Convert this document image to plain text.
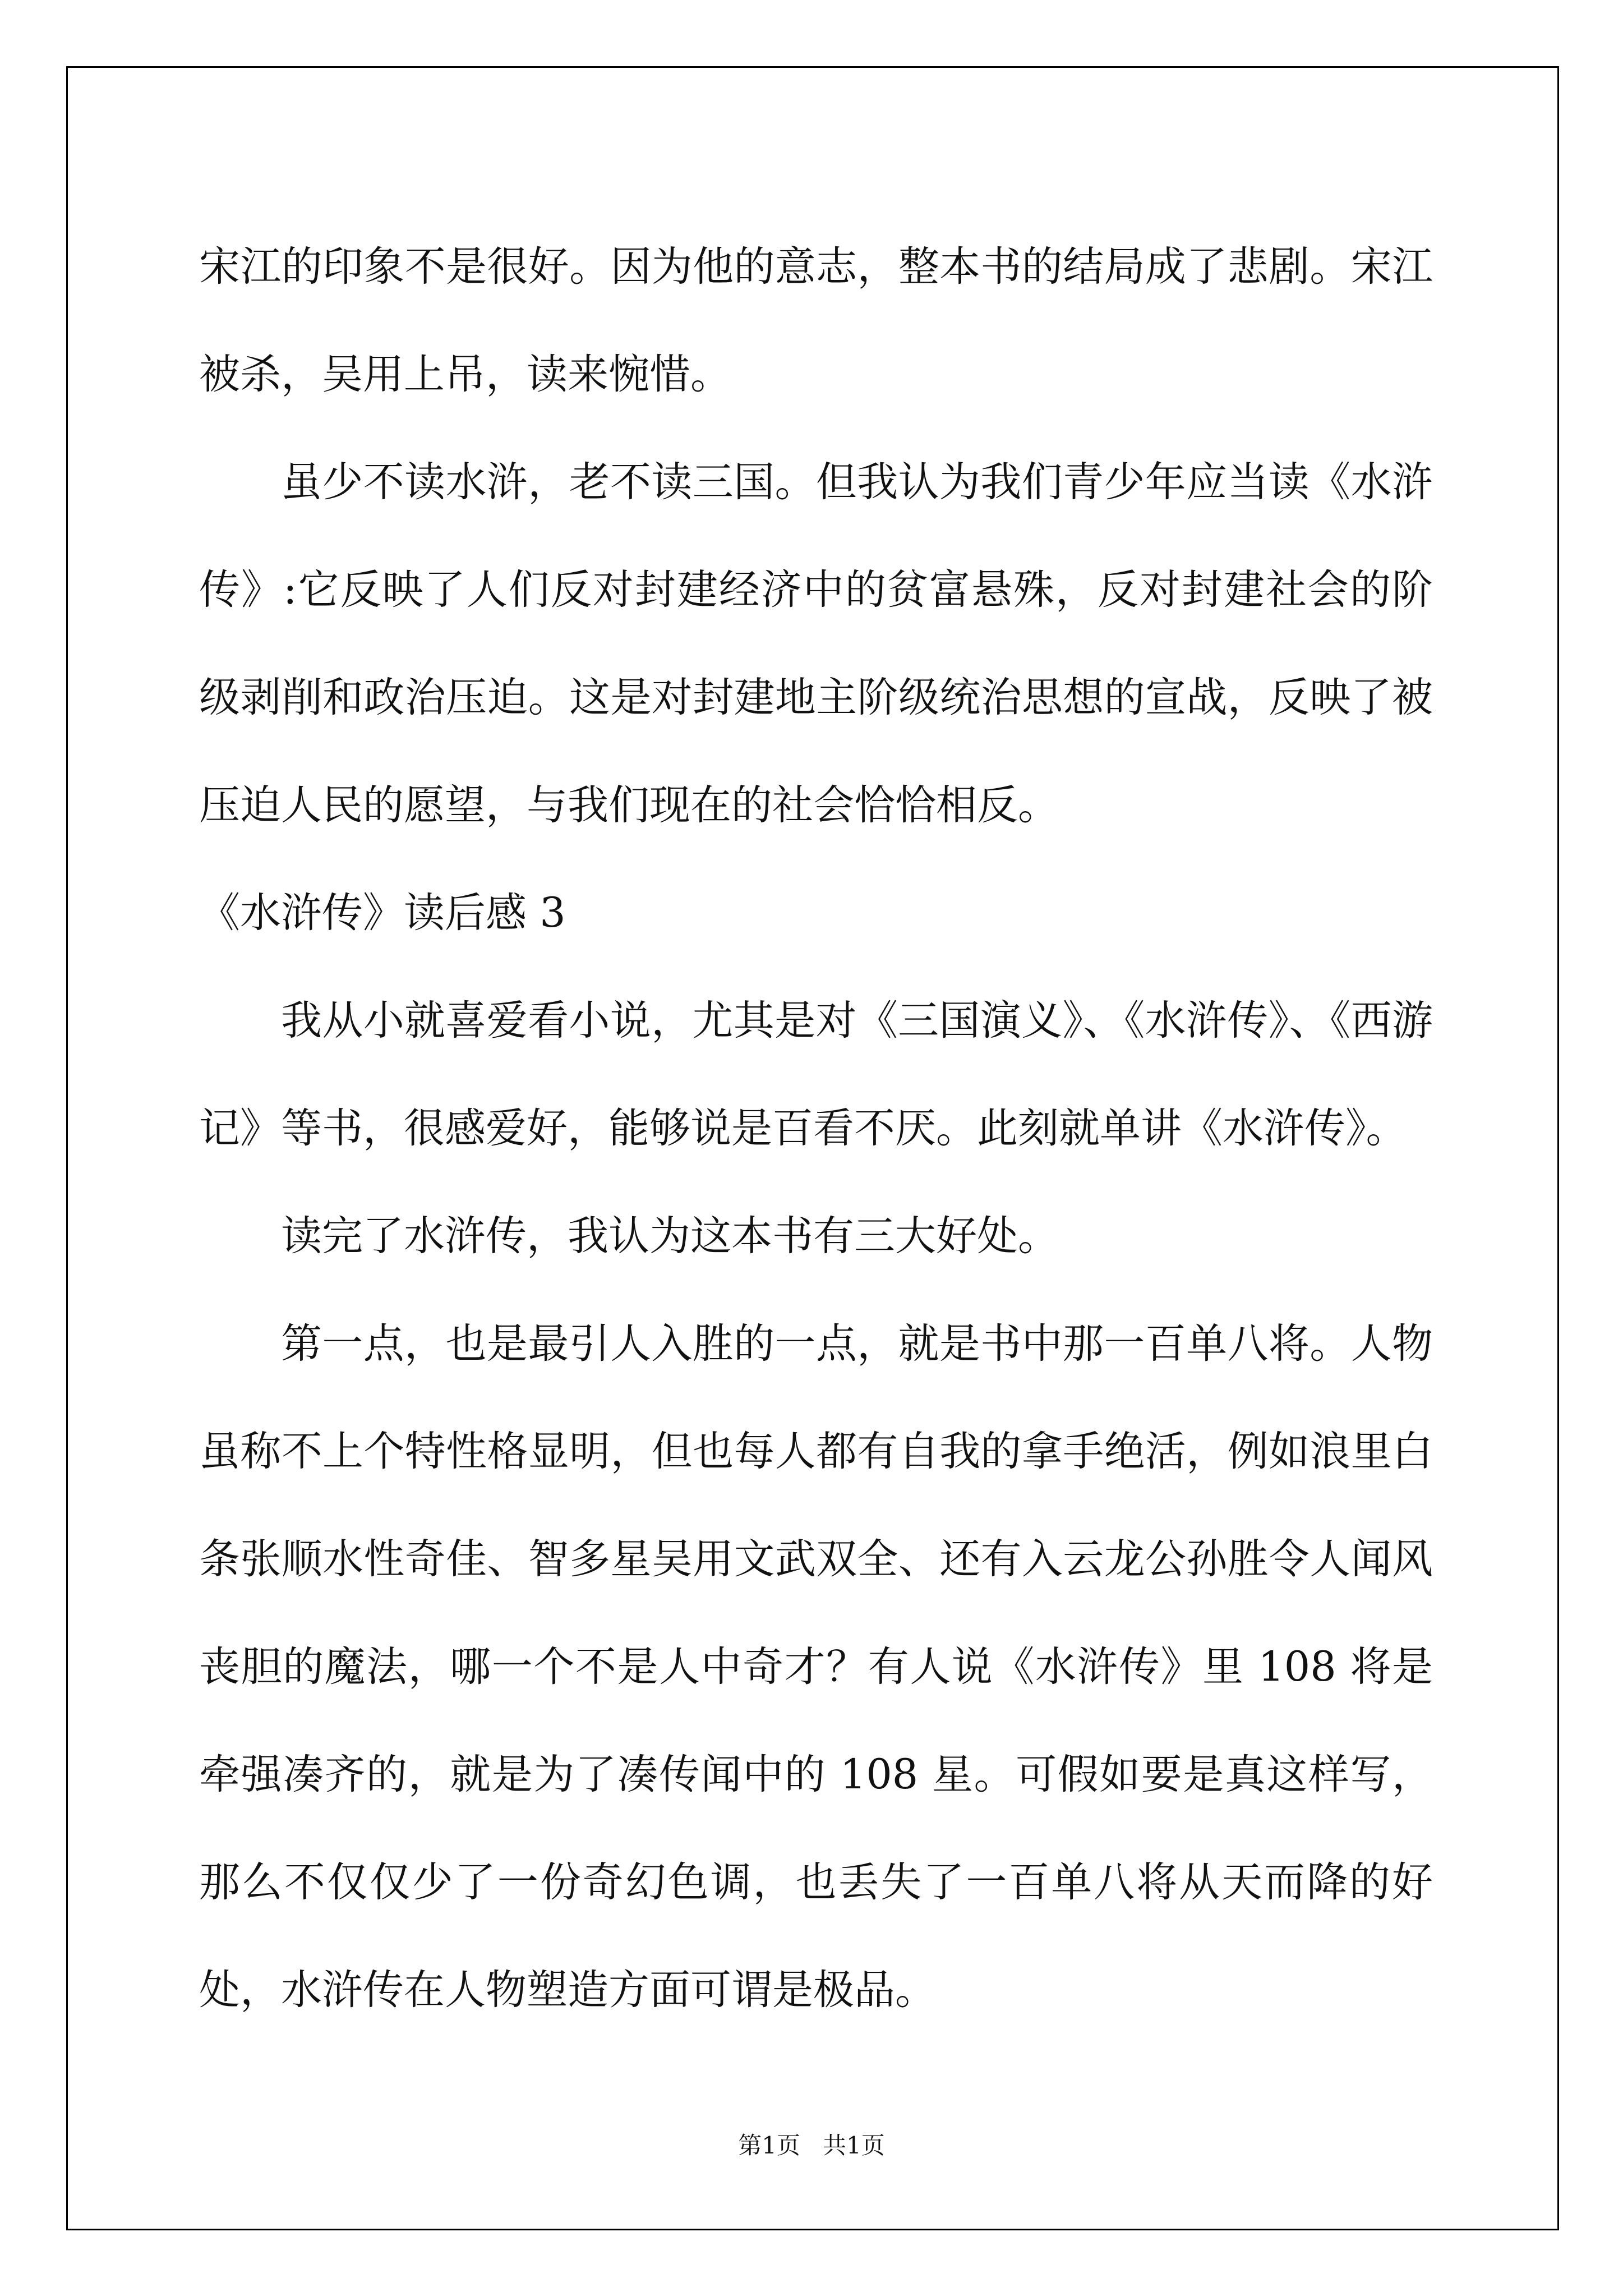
宋江的印象不是很好。因为他的意志，整本书的结局成了悲剧。宋江被杀，吴用上吊，读来惋惜。

虽少不读水浒，老不读三国。但我认为我们青少年应当读《水浒传》:它反映了人们反对封建经济中的贫富悬殊，反对封建社会的阶级剥削和政治压迫。这是对封建地主阶级统治思想的宣战，反映了被压迫人民的愿望，与我们现在的社会恰恰相反。

《水浒传》读后感 3

我从小就喜爱看小说，尤其是对《三国演义》、《水浒传》、《西游记》等书，很感爱好，能够说是百看不厌。此刻就单讲《水浒传》。

读完了水浒传，我认为这本书有三大好处。

第一点，也是最引人入胜的一点，就是书中那一百单八将。人物虽称不上个特性格显明，但也每人都有自我的拿手绝活，例如浪里白条张顺水性奇佳、智多星吴用文武双全、还有入云龙公孙胜令人闻风丧胆的魔法，哪一个不是人中奇才？有人说《水浒传》里 108 将是牵强凑齐的，就是为了凑传闻中的 108 星。可假如要是真这样写，那么不仅仅少了一份奇幻色调，也丢失了一百单八将从天而降的好处，水浒传在人物塑造方面可谓是极品。

第1页   共1页
